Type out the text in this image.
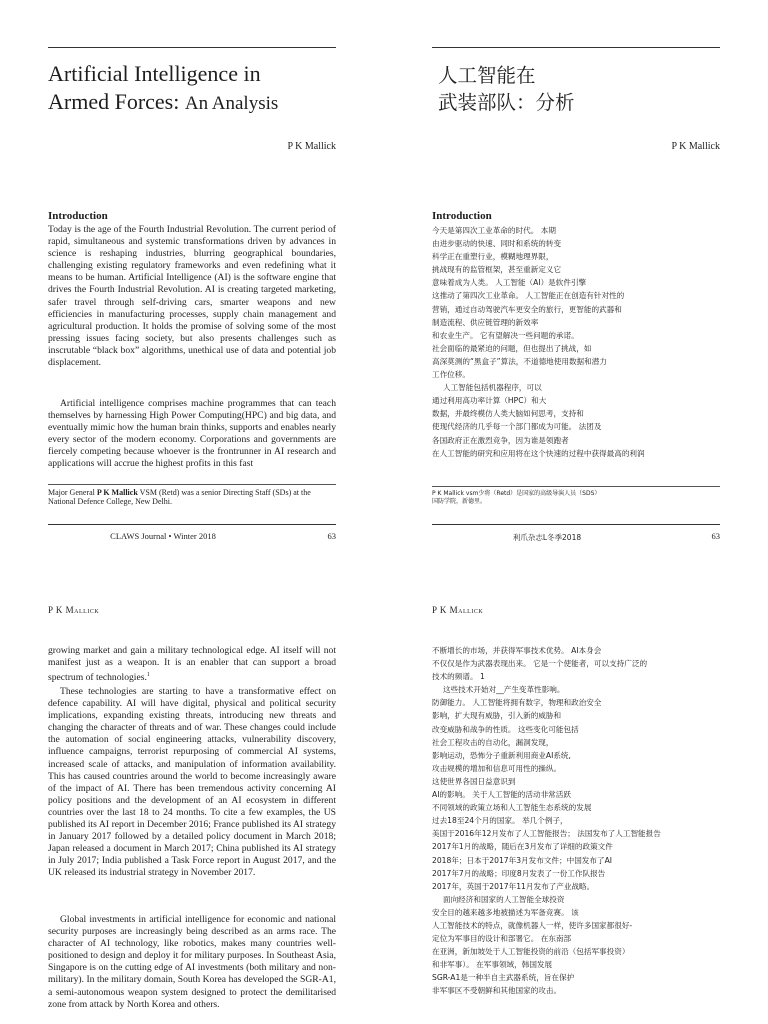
Artificial Intelligence in
Armed Forces: An Analysis
P K Mallick
Introduction

Today is the age of the Fourth Industrial Revolution. The current period of rapid, simultaneous and systemic transformations driven by advances in science is reshaping industries, blurring geographical boundaries, challenging existing regulatory frameworks and even redefining what it means to be human. Artificial Intelligence (AI) is the software engine that drives the Fourth Industrial Revolution. AI is creating targeted marketing, safer travel through self-driving cars, smarter weapons and new efficiencies in manufacturing processes, supply chain management and agricultural production. It holds the promise of solving some of the most pressing issues facing society, but also presents challenges such as inscrutable “black box” algorithms, unethical use of data and potential job displacement.

Artificial intelligence comprises machine programmes that can teach themselves by harnessing High Power Computing(HPC) and big data, and eventually mimic how the human brain thinks, supports and enables nearly every sector of the modern economy. Corporations and governments are fiercely competing because whoever is the frontrunner in AI research and applications will accrue the highest profits in this fast

Major General P K Mallick VSM (Retd) was a senior Directing Staff (SDs) at the National Defence College, New Delhi.

CLAWS Journal • Winter 2018	63
人工智能在
武装部队：分析
P K Mallick
Introduction
今天是第四次工业革命的时代。 本期
由进步驱动的快速、同时和系统的转变
科学正在重塑行业，模糊地理界限，
挑战现有的监管框架，甚至重新定义它
意味着成为人类。 人工智能（AI）是软件引擎
这推动了第四次工业革命。 人工智能正在创造有针对性的
营销，通过自动驾驶汽车更安全的旅行，更智能的武器和
制造流程、供应链管理的新效率
和农业生产。 它有望解决一些问题的承诺。
社会面临的最紧迫的问题，但也提出了挑战，如
高深莫测的“黑盒子”算法，不道德地使用数据和潜力
工作位移。
人工智能包括机器程序，可以
通过利用高功率计算（HPC）和大
数据，并最终模仿人类大脑如何思考，支持和
使现代经济的几乎每一个部门都成为可能。 法团及
各国政府正在激烈竞争，因为谁是领跑者
在人工智能的研究和应用将在这个快速的过程中获得最高的利润
P K Mallick vsm少将（Retd）是国家的高级导演人员（SDS）
国防学院，新德里。
利爪杂志L冬季2018	63
P K Mallick

growing market and gain a military technological edge. AI itself will not manifest just as a weapon. It is an enabler that can support a broad spectrum of technologies.$^1$

These technologies are starting to have a transformative effect on defence capability. AI will have digital, physical and political security implications, expanding existing threats, introducing new threats and changing the character of threats and of war. These changes could include the automation of social engineering attacks, vulnerability discovery, influence campaigns, terrorist repurposing of commercial AI systems, increased scale of attacks, and manipulation of information availability. This has caused countries around the world to become increasingly aware of the impact of AI. There has been tremendous activity concerning AI policy positions and the development of an AI ecosystem in different countries over the last 18 to 24 months. To cite a few examples, the US published its AI report in December 2016; France published its AI strategy in January 2017 followed by a detailed policy document in March 2018; Japan released a document in March 2017; China published its AI strategy in July 2017; India published a Task Force report in August 2017, and the UK released its industrial strategy in November 2017.

Global investments in artificial intelligence for economic and national security purposes are increasingly being described as an arms race. The character of AI technology, like robotics, makes many countries well-positioned to design and deploy it for military purposes. In Southeast Asia, Singapore is on the cutting edge of AI investments (both military and non-military). In the military domain, South Korea has developed the SGR-A1, a semi-autonomous weapon system designed to protect the demilitarised zone from attack by North Korea and others.

P K Mallick
不断增长的市场，并获得军事技术优势。 AI本身会
不仅仅是作为武器表现出来。 它是一个使能者，可以支持广泛的
技术的频谱。 1
这些技术开始对__产生变革性影响。
防御能力。 人工智能将拥有数字，物理和政治安全
影响，扩大现有威胁，引入新的威胁和
改变威胁和战争的性质。 这些变化可能包括
社会工程攻击的自动化，漏洞发现，
影响运动，恐怖分子重新利用商业AI系统,
攻击规模的增加和信息可用性的操纵。
这使世界各国日益意识到
AI的影响。 关于人工智能的活动非常活跃
不同领域的政策立场和人工智能生态系统的发展
过去18至24个月的国家。 举几个例子，
美国于2016年12月发布了人工智能报告； 法国发布了人工智能报告
2017年1月的战略，随后在3月发布了详细的政策文件
2018年；日本于2017年3月发布文件；中国发布了AI
2017年7月的战略；印度8月发表了一份工作队报告
2017年，英国于2017年11月发布了产业战略。
面向经济和国家的人工智能全球投资
安全目的越来越多地被描述为军备竞赛。 该
人工智能技术的特点，就像机器人一样，使许多国家都很好-
定位为军事目的设计和部署它。 在东南部
在亚洲，新加坡处于人工智能投资的前沿（包括军事投资）
和非军事）。 在军事领域，韩国发展
SGR-A1是一种半自主武器系统，旨在保护
非军事区不受朝鲜和其他国家的攻击。
